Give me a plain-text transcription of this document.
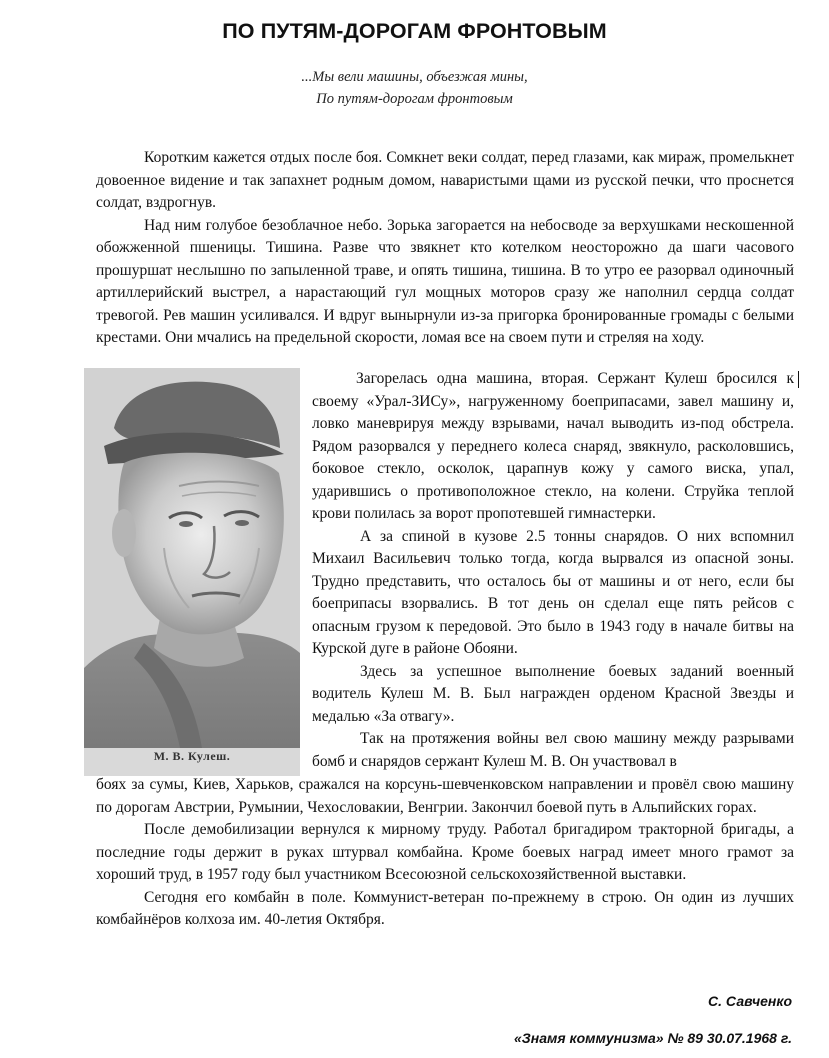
ПО ПУТЯМ-ДОРОГАМ ФРОНТОВЫМ
...Мы вели машины, объезжая мины,
По путям-дорогам фронтовым

Коротким кажется отдых после боя. Сомкнет веки солдат, перед глазами, как мираж, промелькнет довоенное видение и так запахнет родным домом, наваристыми щами из русской печки, что проснется солдат, вздрогнув.

Над ним голубое безоблачное небо. Зорька загорается на небосводе за верхушками нескошенной обожженной пшеницы. Тишина. Разве что звякнет кто котелком неосторожно да шаги часового прошуршат неслышно по запыленной траве, и опять тишина, тишина. В то утро ее разорвал одиночный артиллерийский выстрел, а нарастающий гул мощных моторов сразу же наполнил сердца солдат тревогой. Рев машин усиливался. И вдруг вынырнули из-за пригорка бронированные громады с белыми крестами. Они мчались на предельной скорости, ломая все на своем пути и стреляя на ходу.

М. В. Кулеш.

Загорелась одна машина, вторая. Сержант Кулеш бросился к своему «Урал-ЗИСу», нагруженному боеприпасами, завел машину и, ловко маневрируя между взрывами, начал выводить из-под обстрела. Рядом разорвался у переднего колеса снаряд, звякнуло, расколовшись, боковое стекло, осколок, царапнув кожу у самого виска, упал, ударившись о противоположное стекло, на колени. Струйка теплой крови полилась за ворот пропотевшей гимнастерки.

А за спиной в кузове 2.5 тонны снарядов. О них вспомнил Михаил Васильевич только тогда, когда вырвался из опасной зоны. Трудно представить, что осталось бы от машины и от него, если бы боеприпасы взорвались. В тот день он сделал еще пять рейсов с опасным грузом к передовой. Это было в 1943 году в начале битвы на Курской дуге в районе Обояни.

Здесь за успешное выполнение боевых заданий военный водитель Кулеш М. В. Был награжден орденом Красной Звезды и медалью «За отвагу».

Так на протяжения войны вел свою машину между разрывами бомб и снарядов сержант Кулеш М. В. Он участвовал в

боях за сумы, Киев, Харьков, сражался на корсунь-шевченковском направлении и провёл свою машину по дорогам Австрии, Румынии, Чехословакии, Венгрии. Закончил боевой путь в Альпийских горах.

После демобилизации вернулся к мирному труду. Работал бригадиром тракторной бригады, а последние годы держит в руках штурвал комбайна. Кроме боевых наград имеет много грамот за хороший труд, в 1957 году был участником Всесоюзной сельскохозяйственной выставки.

Сегодня его комбайн в поле. Коммунист-ветеран по-прежнему в строю. Он один из лучших комбайнёров колхоза им. 40-летия Октября.

С. Савченко
«Знамя коммунизма» № 89 30.07.1968 г.
